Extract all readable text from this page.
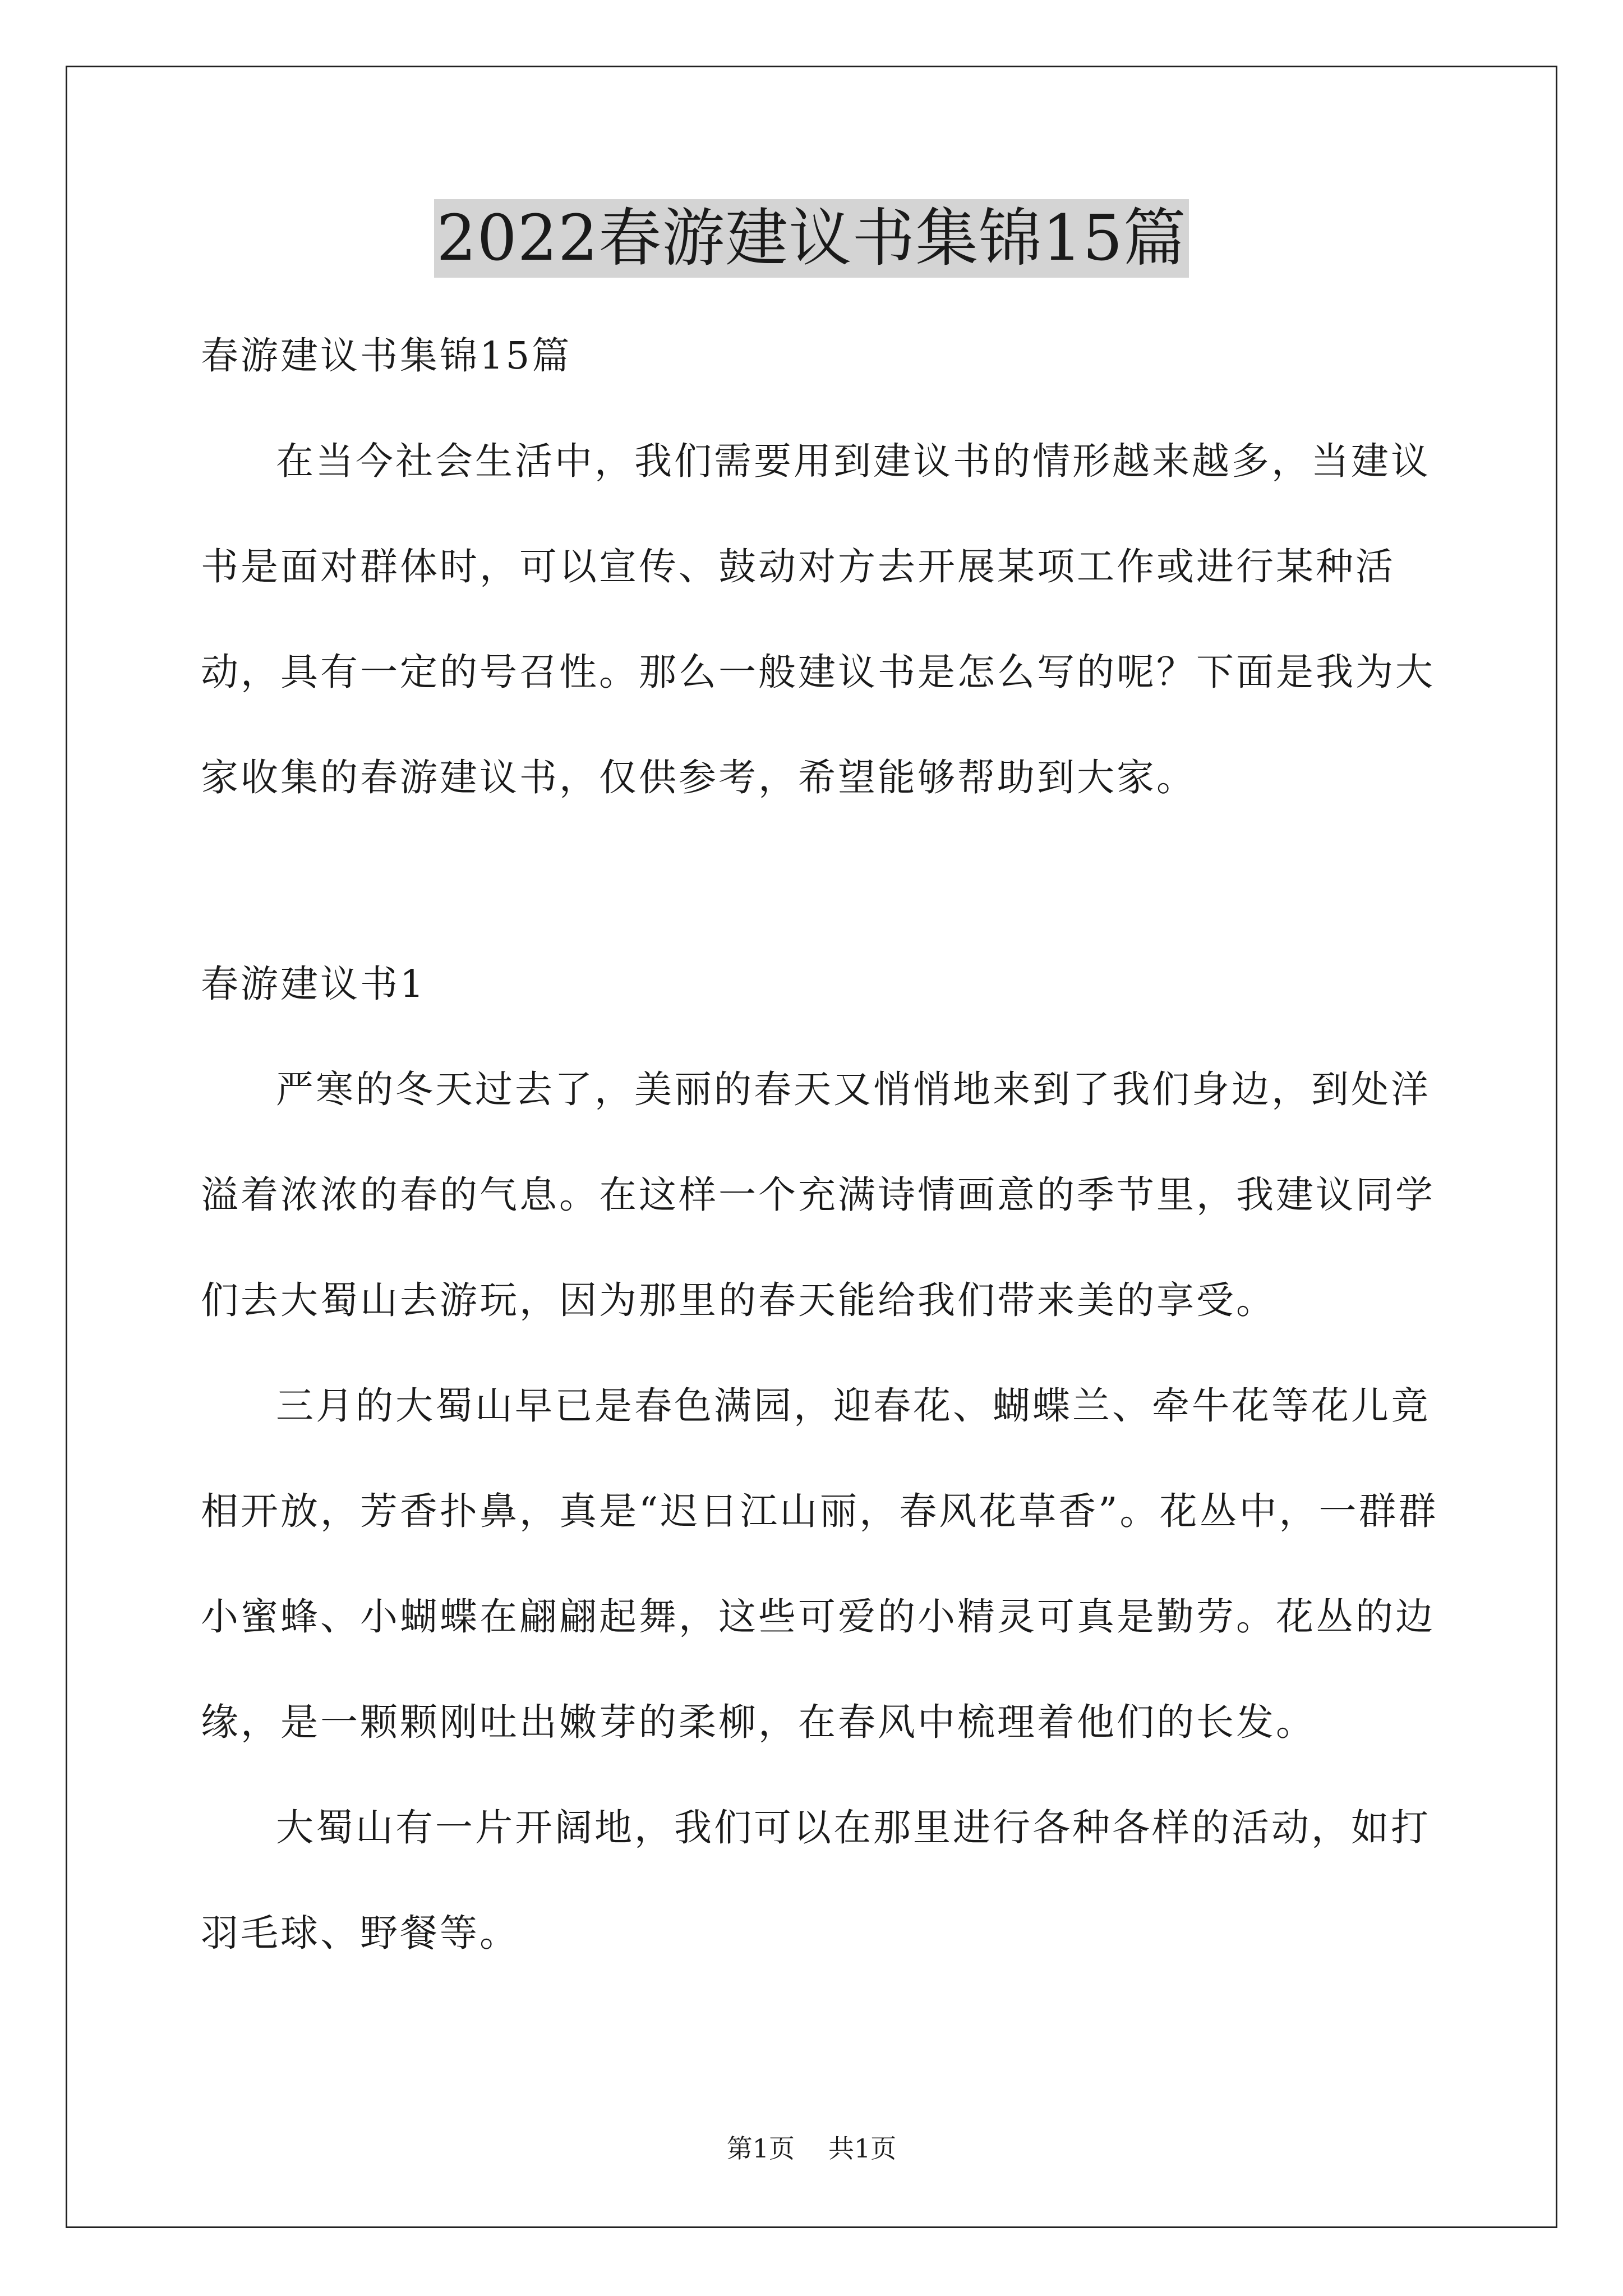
2022春游建议书集锦15篇

春游建议书集锦15篇

在当今社会生活中，我们需要用到建议书的情形越来越多，当建议书是面对群体时，可以宣传、鼓动对方去开展某项工作或进行某种活动，具有一定的号召性。那么一般建议书是怎么写的呢？下面是我为大家收集的春游建议书，仅供参考，希望能够帮助到大家。

春游建议书1

严寒的冬天过去了，美丽的春天又悄悄地来到了我们身边，到处洋溢着浓浓的春的气息。在这样一个充满诗情画意的季节里，我建议同学们去大蜀山去游玩，因为那里的春天能给我们带来美的享受。

三月的大蜀山早已是春色满园，迎春花、蝴蝶兰、牵牛花等花儿竟相开放，芳香扑鼻，真是“迟日江山丽，春风花草香”。花丛中，一群群小蜜蜂、小蝴蝶在翩翩起舞，这些可爱的小精灵可真是勤劳。花丛的边缘，是一颗颗刚吐出嫩芽的柔柳，在春风中梳理着他们的长发。

大蜀山有一片开阔地，我们可以在那里进行各种各样的活动，如打羽毛球、野餐等。

第1页 共1页
